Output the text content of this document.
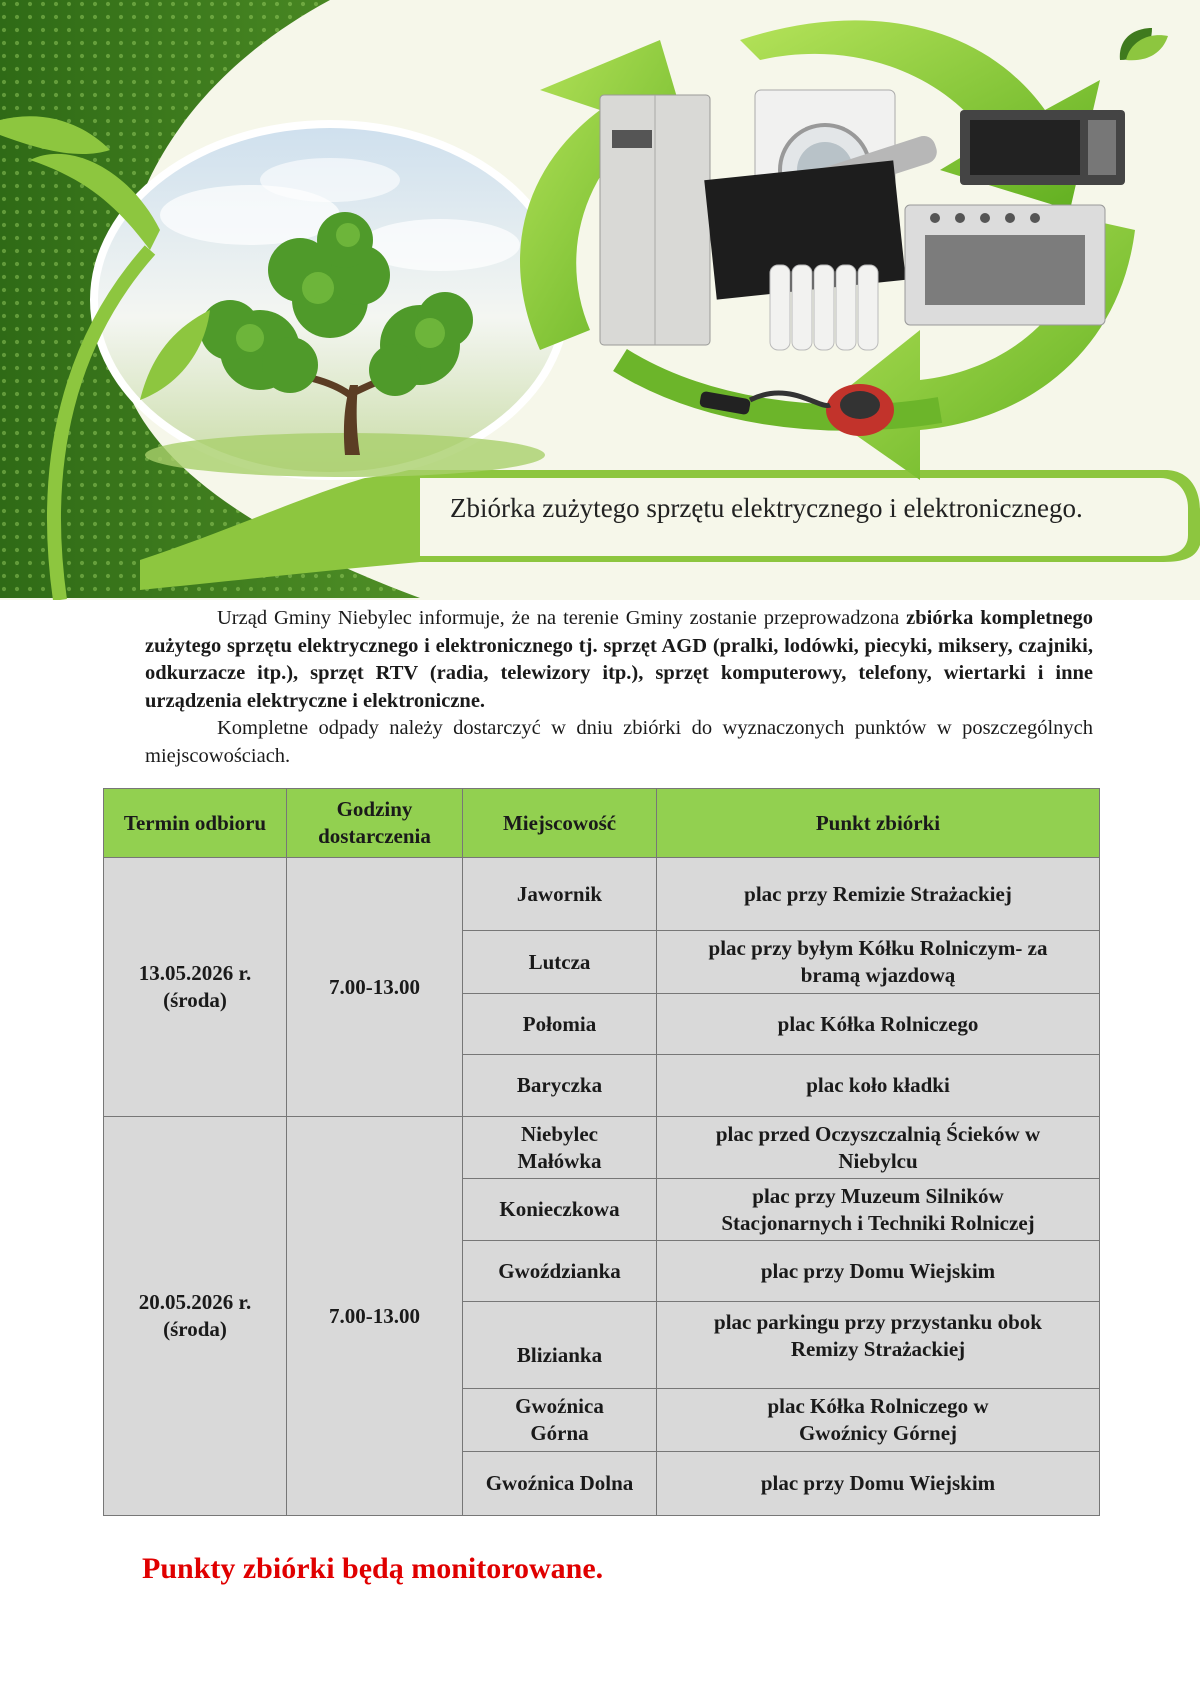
Zbiórka zużytego sprzętu elektrycznego i elektronicznego.

Urząd Gminy Niebylec informuje, że na terenie Gminy zostanie przeprowadzona zbiórka kompletnego zużytego sprzętu elektrycznego i elektronicznego tj. sprzęt AGD (pralki, lodówki, piecyki, miksery, czajniki, odkurzacze itp.), sprzęt RTV (radia, telewizory itp.), sprzęt komputerowy, telefony, wiertarki i inne urządzenia elektryczne i elektroniczne.

Kompletne odpady należy dostarczyć w dniu zbiórki do wyznaczonych punktów w poszczególnych miejscowościach.

Termin odbioru	Godziny dostarczenia	Miejscowość	Punkt zbiórki
13.05.2026 r.
(środa)	7.00-13.00	Jawornik	plac przy Remizie Strażackiej
		Lutcza	plac przy byłym Kółku Rolniczym- za bramą wjazdową
		Połomia	plac Kółka Rolniczego
		Baryczka	plac koło kładki
20.05.2026 r.
(środa)	7.00-13.00	Niebylec Małówka	plac przed Oczyszczalnią Ścieków w Niebylcu
		Konieczkowa	plac przy Muzeum Silników Stacjonarnych i Techniki Rolniczej
		Gwoździanka	plac przy Domu Wiejskim
		Blizianka	plac parkingu przy przystanku obok Remizy Strażackiej
		Gwoźnica Górna	plac Kółka Rolniczego w Gwoźnicy Górnej
		Gwoźnica Dolna	plac przy Domu Wiejskim
Punkty zbiórki będą monitorowane.
